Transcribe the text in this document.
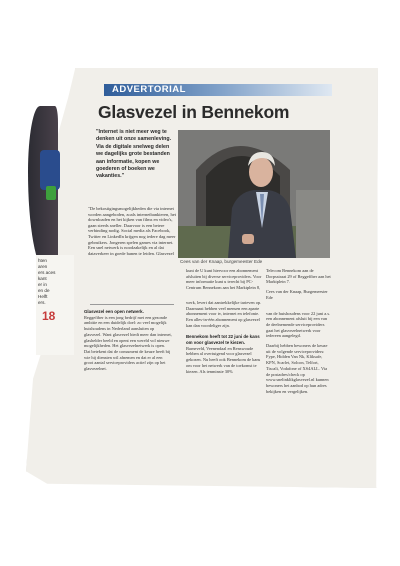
hten
aren
ers aces
kant
er in
en de
Helft
ers.
18
ADVERTORIAL
Glasvezel in Bennekom
"Internet is niet meer weg te denken uit onze samenleving. Via de digitale snelweg delen we dagelijks grote bestanden aan informatie, kopen we goederen of boeken we vakanties."
"De bekostigingsmogelijkheden die via internet worden aangeboden, zoals internetbankieren, het downloaden en het kijken van films en video's, gaan steeds sneller. Daarvoor is een betere verbinding nodig. Social media als Facebook, Twitter en LinkedIn krijgen nog iedere dag meer gebruikers. Jongeren spelen games via internet. Een snel netwerk is noodzakelijk en al dat dataverkeer in goede banen te leiden. Glasvezel
Cees van der Knaap, burgemeester Ede

Glasvezel een open netwerk.

Reggefiber is een jong bedrijf met een gezonde ambitie en een duidelijk doel: zo veel mogelijk huishoudens in Nederland aansluiten op glasvezel. Want glasvezel biedt meer dan internet, glashelder beeld en opent een wereld vol nieuwe mogelijkheden. Het glasvezelnetwerk is open. Dat betekent dat de consument de keuze heeft bij wie hij diensten wil afnemen en dat er al een groot aantal serviceproviders actief zijn op het glasvezelnet.

kunt de U kunt hiervoor een abonnement afsluiten bij diverse serviceproviders. Voor meer informatie kunt u terecht bij PC-Centrum Bennekom aan het Marktplein 8,

werk, levert dat aantrekkelijke tarieven op. Daarnaast hebben veel mensen een aparte abonnement voor tv, internet en telefonie. Een alles-in-één abonnement op glasvezel kan dan voordeliger zijn.

Bennekom heeft tot 22 juni de kans om voor glasvezel te kiezen.

Barneveld, Veenendaal en Renswoude hebben al overtuigend voor glasvezel gekozen. Nu heeft ook Bennekom de kans om voor het netwerk van de toekomst te kiezen. Als tenminste 30%

Telecom Bennekom aan de Dorpsstraat 29 of Reggefiber aan het Marktplein 7.

Cees van der Knaap, Burgemeester Ede

van de huishoudens voor 22 juni a.s. een abonnement afsluit bij een van de deelnemende serviceproviders gaat het glasvezelnetwerk voor iedereen aangelegd.

Daarbij hebben bewoners de keuze uit de volgende serviceproviders: Fype, Hidden Van Nk, Kliksafe, KPN, Scarlet, Solcon, Telfort, Tiscali, Vodafone of XS4ALL. Via de postadres/check op www.snelinklikglasvezel.nl kunnen bewoners het aanbod op hun adres bekijken en vergelijken.
